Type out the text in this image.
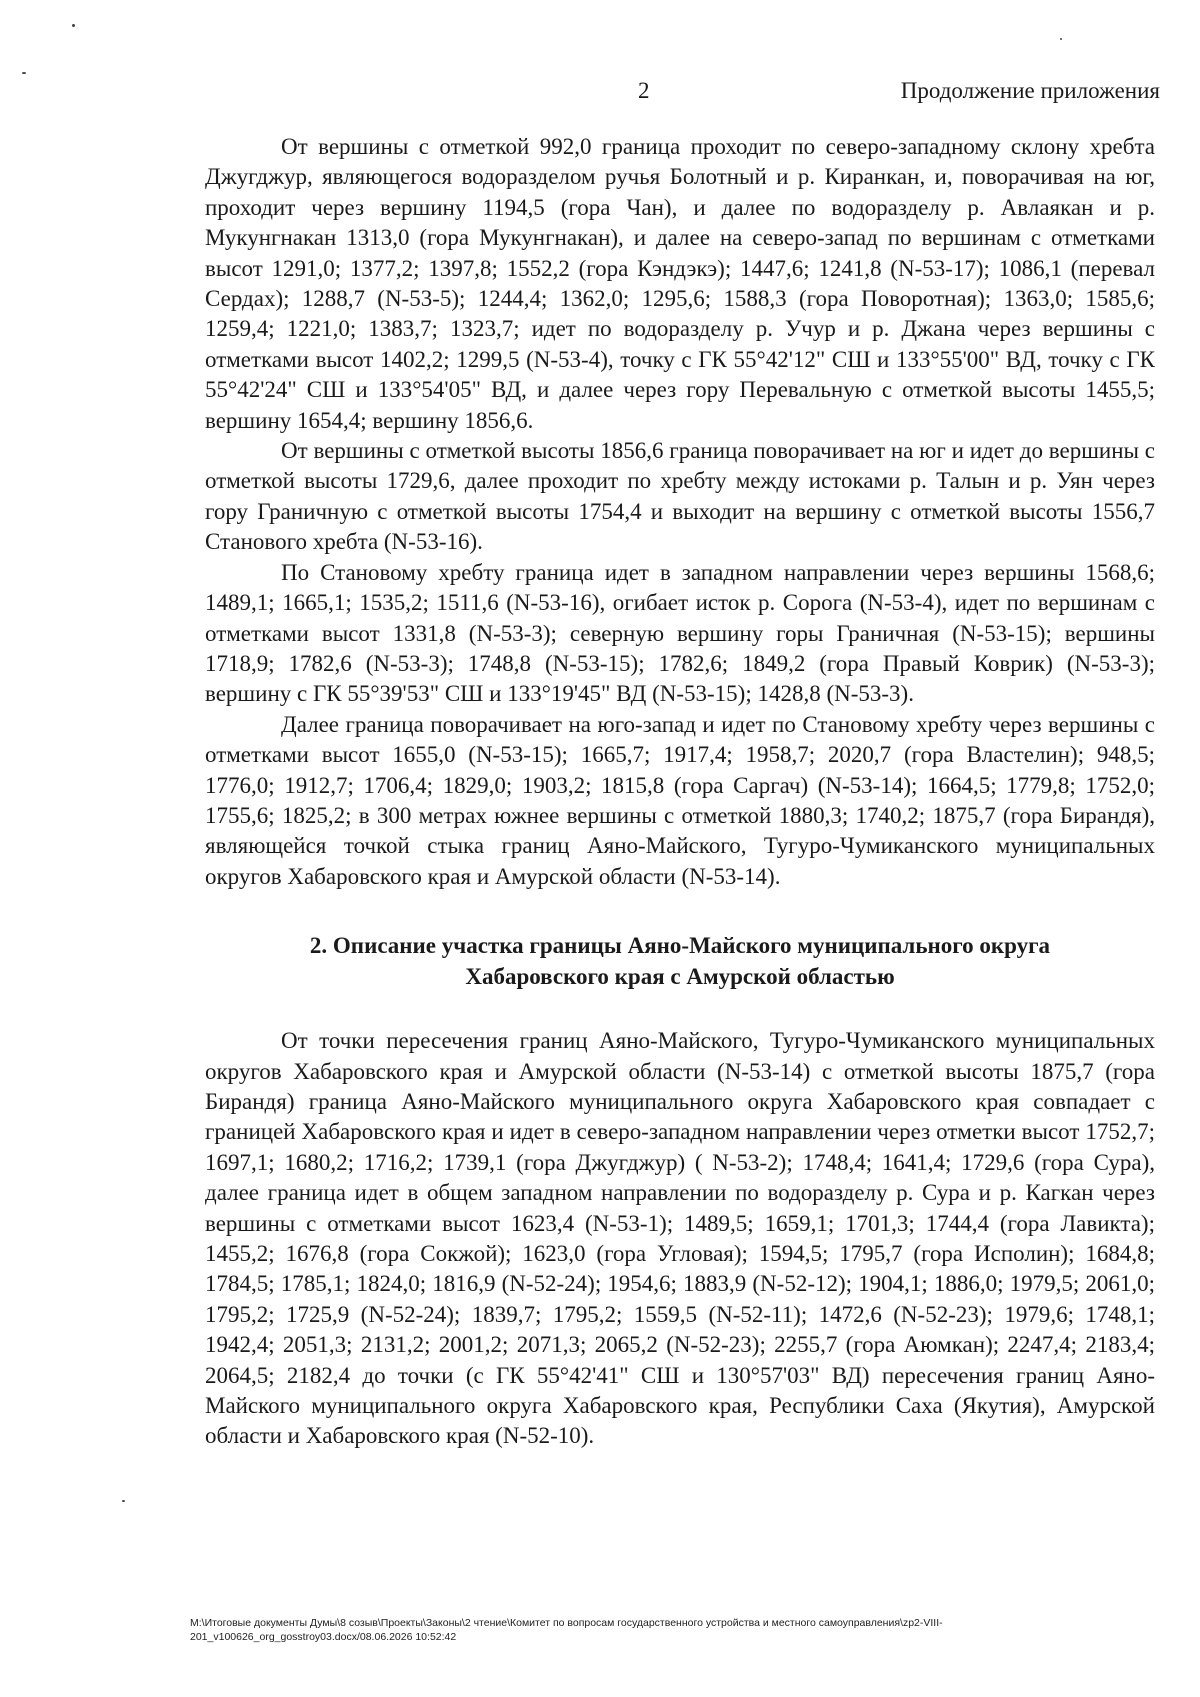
2	Продолжение приложения

От вершины с отметкой 992,0 граница проходит по северо-западному склону хребта Джугджур, являющегося водоразделом ручья Болотный и р. Киранкан, и, поворачивая на юг, проходит через вершину 1194,5 (гора Чан), и далее по водоразделу р. Авлаякан и р. Мукунгнакан 1313,0 (гора Мукунгнакан), и далее на северо-запад по вершинам с отметками высот 1291,0; 1377,2; 1397,8; 1552,2 (гора Кэндэкэ); 1447,6; 1241,8 (N-53-17); 1086,1 (перевал Сердах); 1288,7 (N-53-5); 1244,4; 1362,0; 1295,6; 1588,3 (гора Поворотная); 1363,0; 1585,6; 1259,4; 1221,0; 1383,7; 1323,7; идет по водоразделу р. Учур и р. Джана через вершины с отметками высот 1402,2; 1299,5 (N-53-4), точку с ГК 55°42'12" СШ и 133°55'00" ВД, точку с ГК 55°42'24" СШ и 133°54'05" ВД, и далее через гору Перевальную с отметкой высоты 1455,5; вершину 1654,4; вершину 1856,6.

От вершины с отметкой высоты 1856,6 граница поворачивает на юг и идет до вершины с отметкой высоты 1729,6, далее проходит по хребту между истоками р. Талын и р. Уян через гору Граничную с отметкой высоты 1754,4 и выходит на вершину с отметкой высоты 1556,7 Станового хребта (N-53-16).

По Становому хребту граница идет в западном направлении через вершины 1568,6; 1489,1; 1665,1; 1535,2; 1511,6 (N-53-16), огибает исток р. Сорога (N-53-4), идет по вершинам с отметками высот 1331,8 (N-53-3); северную вершину горы Граничная (N-53-15); вершины 1718,9; 1782,6 (N-53-3); 1748,8 (N-53-15); 1782,6; 1849,2 (гора Правый Коврик) (N-53-3); вершину с ГК 55°39'53" СШ и 133°19'45" ВД (N-53-15); 1428,8 (N-53-3).

Далее граница поворачивает на юго-запад и идет по Становому хребту через вершины с отметками высот 1655,0 (N-53-15); 1665,7; 1917,4; 1958,7; 2020,7 (гора Властелин); 948,5; 1776,0; 1912,7; 1706,4; 1829,0; 1903,2; 1815,8 (гора Саргач) (N-53-14); 1664,5; 1779,8; 1752,0; 1755,6; 1825,2; в 300 метрах южнее вершины с отметкой 1880,3; 1740,2; 1875,7 (гора Бирандя), являющейся точкой стыка границ Аяно-Майского, Тугуро-Чумиканского муниципальных округов Хабаровского края и Амурской области (N-53-14).

2. Описание участка границы Аяно-Майского муниципального округа
Хабаровского края с Амурской областью

От точки пересечения границ Аяно-Майского, Тугуро-Чумиканского муниципальных округов Хабаровского края и Амурской области (N-53-14) с отметкой высоты 1875,7 (гора Бирандя) граница Аяно-Майского муниципального округа Хабаровского края совпадает с границей Хабаровского края и идет в северо-западном направлении через отметки высот 1752,7; 1697,1; 1680,2; 1716,2; 1739,1 (гора Джугджур) ( N-53-2); 1748,4; 1641,4; 1729,6 (гора Сура), далее граница идет в общем западном направлении по водоразделу р. Сура и р. Кагкан через вершины с отметками высот 1623,4 (N-53-1); 1489,5; 1659,1; 1701,3; 1744,4 (гора Лавикта); 1455,2; 1676,8 (гора Сокжой); 1623,0 (гора Угловая); 1594,5; 1795,7 (гора Исполин); 1684,8; 1784,5; 1785,1; 1824,0; 1816,9 (N-52-24); 1954,6; 1883,9 (N-52-12); 1904,1; 1886,0; 1979,5; 2061,0; 1795,2; 1725,9 (N-52-24); 1839,7; 1795,2; 1559,5 (N-52-11); 1472,6 (N-52-23); 1979,6; 1748,1; 1942,4; 2051,3; 2131,2; 2001,2; 2071,3; 2065,2 (N-52-23); 2255,7 (гора Аюмкан); 2247,4; 2183,4; 2064,5; 2182,4 до точки (с ГК 55°42'41" СШ и 130°57'03" ВД) пересечения границ Аяно-Майского муниципального округа Хабаровского края, Республики Саха (Якутия), Амурской области и Хабаровского края (N-52-10).

M:\Итоговые документы Думы\8 созыв\Проекты\Законы\2 чтение\Комитет по вопросам государственного устройства и местного самоуправления\zp2-VIII-201_v100626_org_gosstroy03.docx/08.06.2026 10:52:42
